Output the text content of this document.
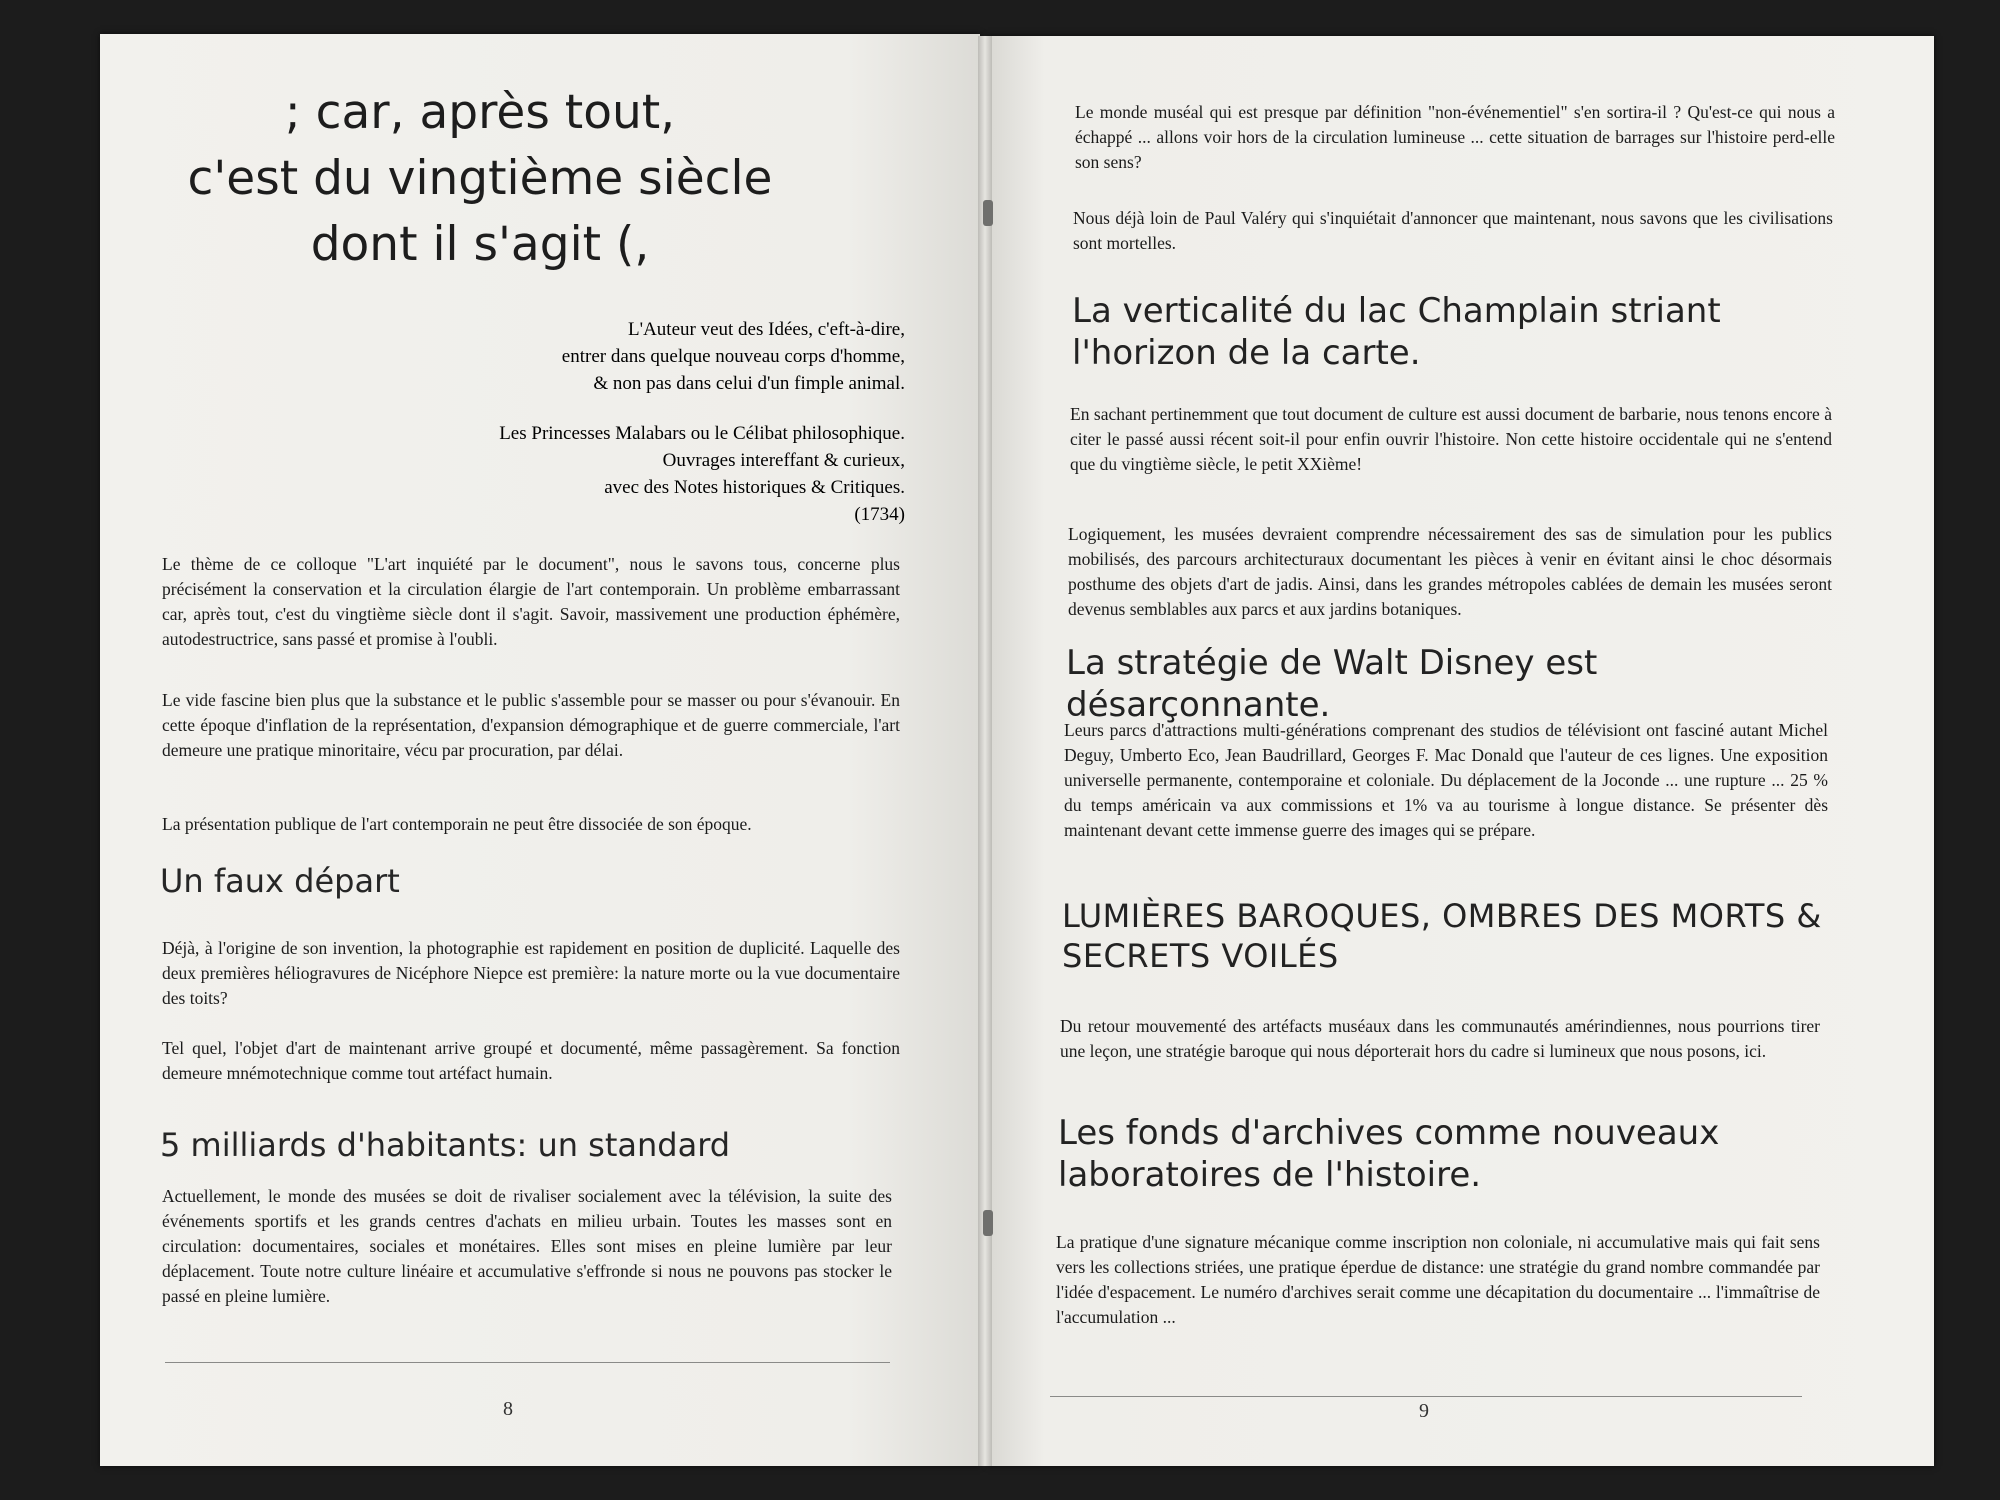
; car, après tout,
c'est du vingtième siècle
dont il s'agit (,
L'Auteur veut des Idées, c'eft-à-dire,
entrer dans quelque nouveau corps d'homme,
& non pas dans celui d'un fimple animal.
Les Princesses Malabars ou le Célibat philosophique.
Ouvrages intereffant & curieux,
avec des Notes historiques & Critiques.
(1734)
Le thème de ce colloque "L'art inquiété par le document", nous le savons tous, concerne plus précisément la conservation et la circulation élargie de l'art contemporain. Un problème embarrassant car, après tout, c'est du vingtième siècle dont il s'agit. Savoir, massivement une production éphémère, autodestructrice, sans passé et promise à l'oubli.
Le vide fascine bien plus que la substance et le public s'assemble pour se masser ou pour s'évanouir. En cette époque d'inflation de la représentation, d'expansion démographique et de guerre commerciale, l'art demeure une pratique minoritaire, vécu par procuration, par délai.
La présentation publique de l'art contemporain ne peut être dissociée de son époque.
Un faux départ
Déjà, à l'origine de son invention, la photographie est rapidement en position de duplicité. Laquelle des deux premières héliogravures de Nicéphore Niepce est première: la nature morte ou la vue documentaire des toits?
Tel quel, l'objet d'art de maintenant arrive groupé et documenté, même passagèrement. Sa fonction demeure mnémotechnique comme tout artéfact humain.
5 milliards d'habitants: un standard
Actuellement, le monde des musées se doit de rivaliser socialement avec la télévision, la suite des événements sportifs et les grands centres d'achats en milieu urbain. Toutes les masses sont en circulation: documentaires, sociales et monétaires. Elles sont mises en pleine lumière par leur déplacement. Toute notre culture linéaire et accumulative s'effronde si nous ne pouvons pas stocker le passé en pleine lumière.
8
Le monde muséal qui est presque par définition "non-événementiel" s'en sortira-il ? Qu'est-ce qui nous a échappé ... allons voir hors de la circulation lumineuse ... cette situation de barrages sur l'histoire perd-elle son sens?
Nous déjà loin de Paul Valéry qui s'inquiétait d'annoncer que maintenant, nous savons que les civilisations sont mortelles.
La verticalité du lac Champlain striant l'horizon de la carte.
En sachant pertinemment que tout document de culture est aussi document de barbarie, nous tenons encore à citer le passé aussi récent soit-il pour enfin ouvrir l'histoire. Non cette histoire occidentale qui ne s'entend que du vingtième siècle, le petit XXième!
Logiquement, les musées devraient comprendre nécessairement des sas de simulation pour les publics mobilisés, des parcours architecturaux documentant les pièces à venir en évitant ainsi le choc désormais posthume des objets d'art de jadis. Ainsi, dans les grandes métropoles cablées de demain les musées seront devenus semblables aux parcs et aux jardins botaniques.
La stratégie de Walt Disney est désarçonnante.
Leurs parcs d'attractions multi-générations comprenant des studios de télévisiont ont fasciné autant Michel Deguy, Umberto Eco, Jean Baudrillard, Georges F. Mac Donald que l'auteur de ces lignes. Une exposition universelle permanente, contemporaine et coloniale. Du déplacement de la Joconde ... une rupture ... 25 % du temps américain va aux commissions et 1% va au tourisme à longue distance. Se présenter dès maintenant devant cette immense guerre des images qui se prépare.
LUMIÈRES BAROQUES, OMBRES DES MORTS & SECRETS VOILÉS
Du retour mouvementé des artéfacts muséaux dans les communautés amérindiennes, nous pourrions tirer une leçon, une stratégie baroque qui nous déporterait hors du cadre si lumineux que nous posons, ici.
Les fonds d'archives comme nouveaux laboratoires de l'histoire.
La pratique d'une signature mécanique comme inscription non coloniale, ni accumulative mais qui fait sens vers les collections striées, une pratique éperdue de distance: une stratégie du grand nombre commandée par l'idée d'espacement. Le numéro d'archives serait comme une décapitation du documentaire ... l'immaîtrise de l'accumulation ...
9
